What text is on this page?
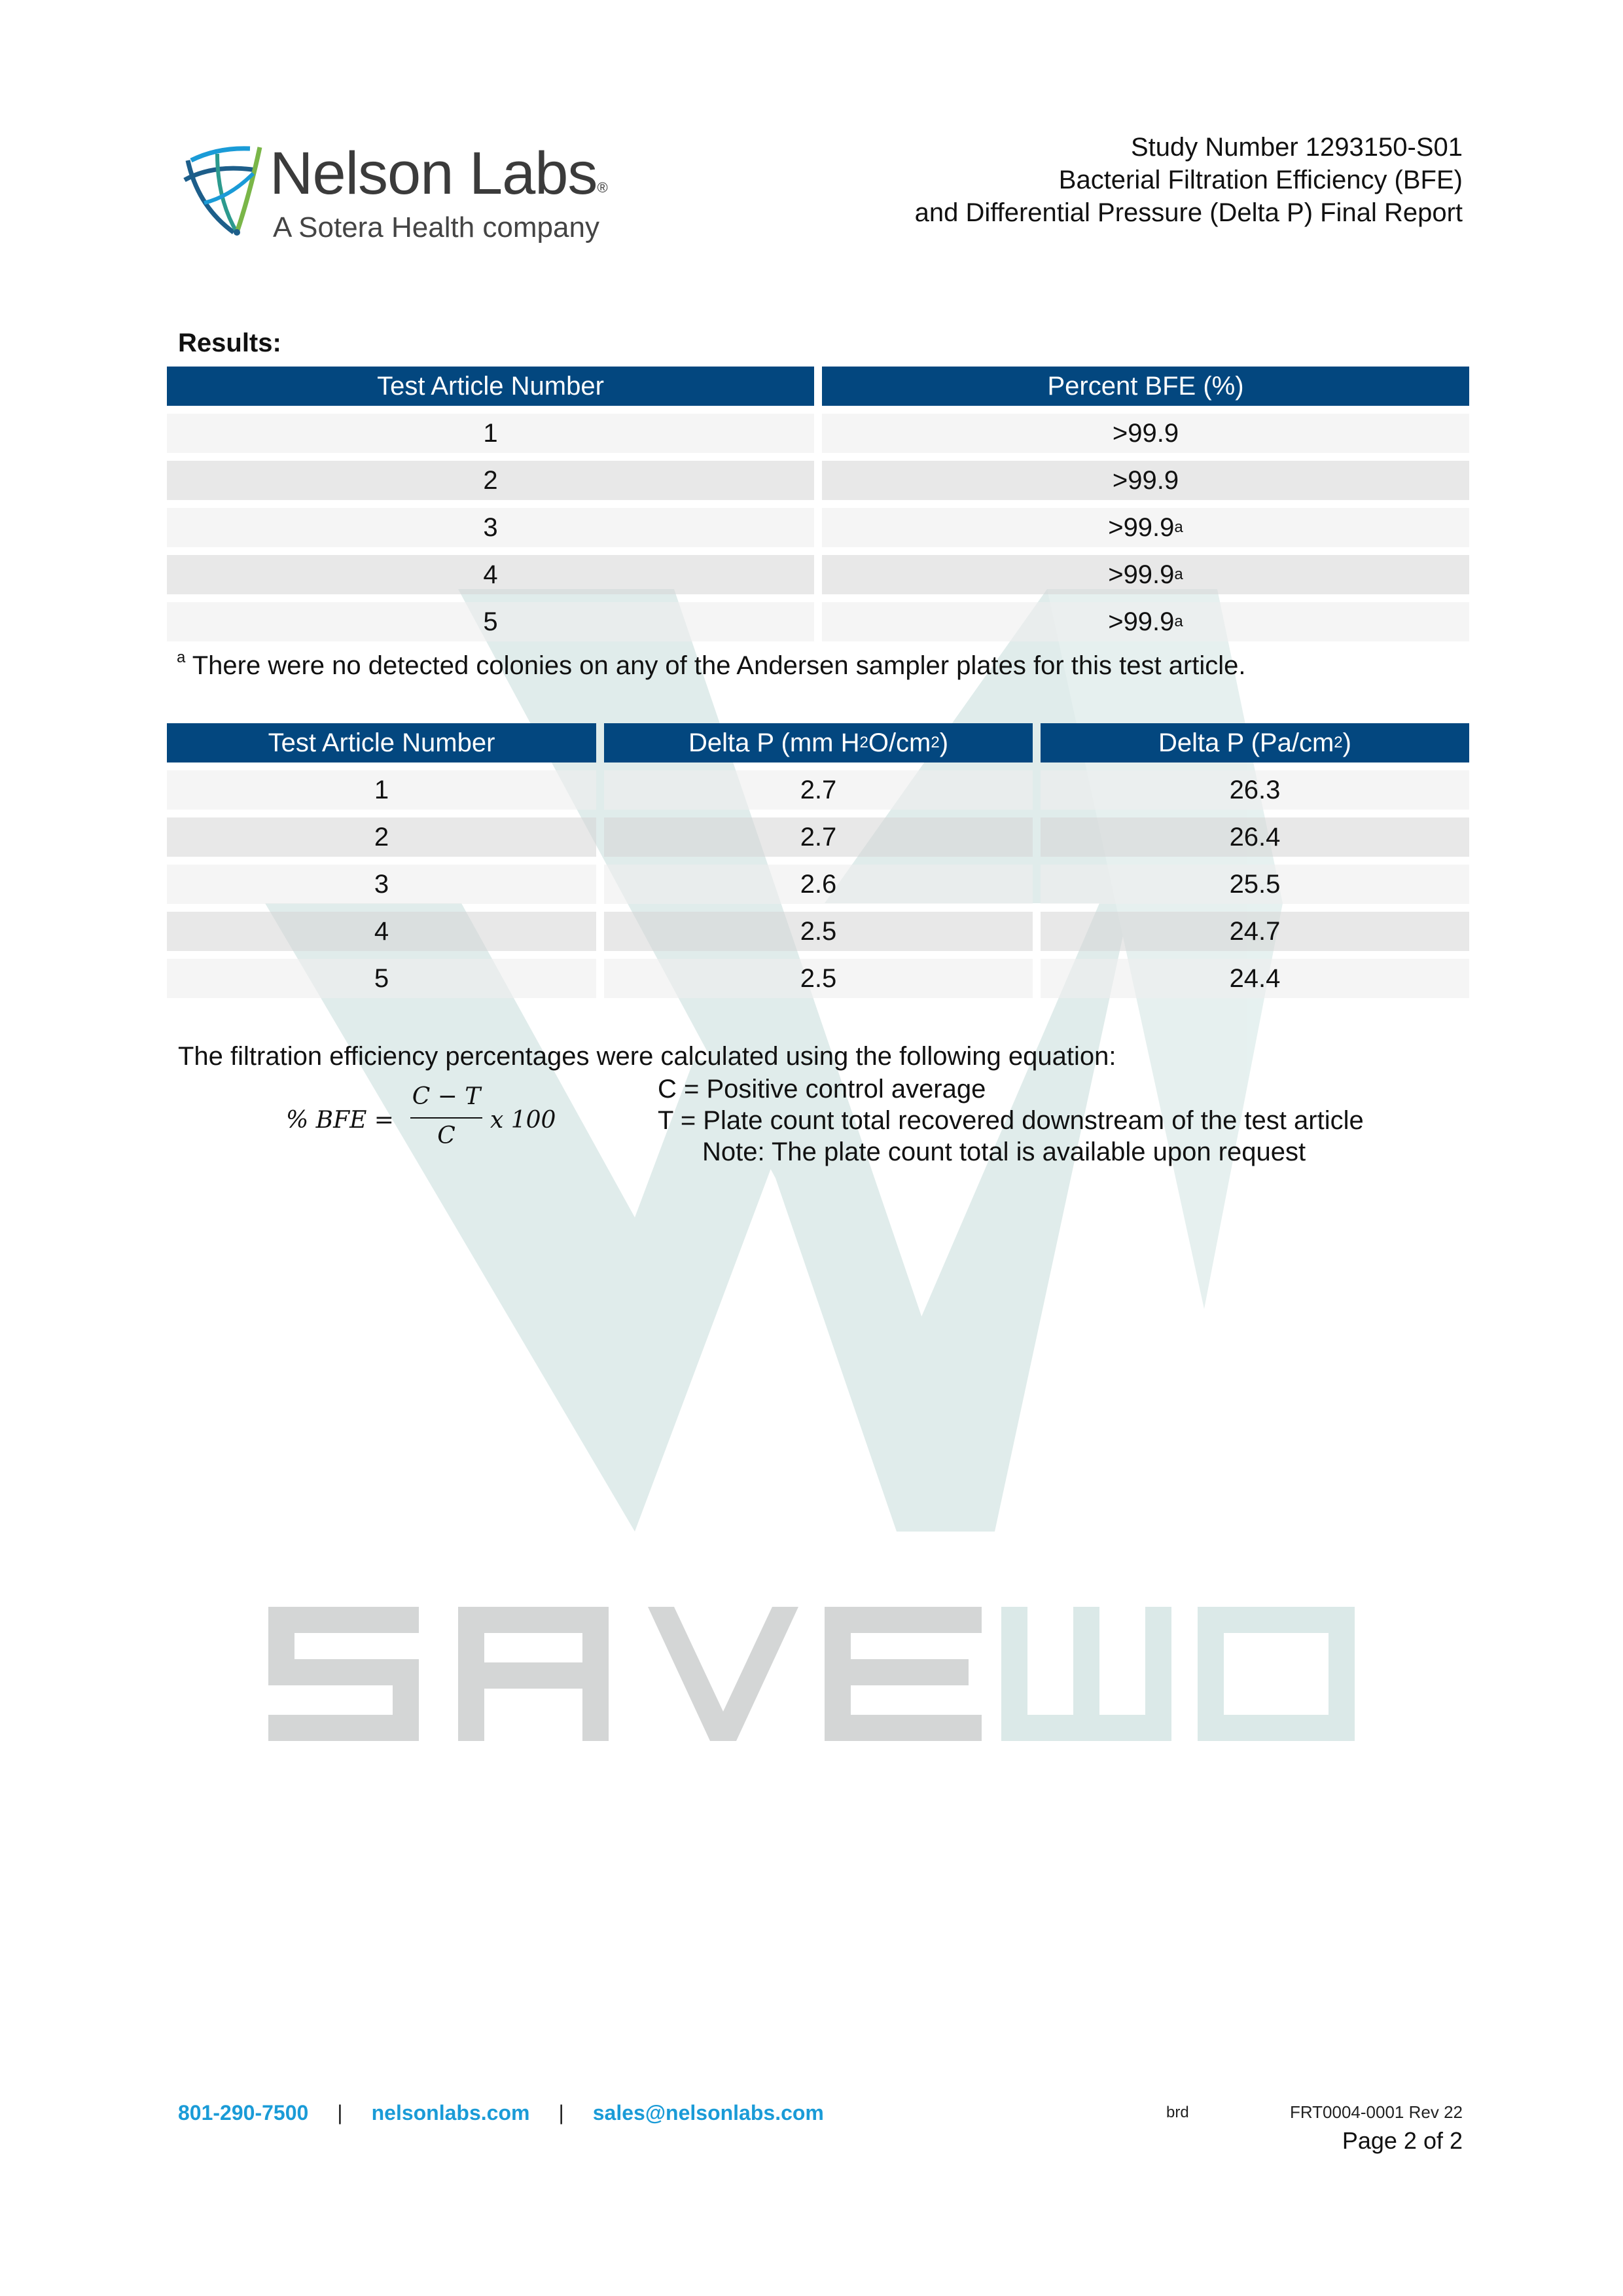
Nelson Labs®
A Sotera Health company
Study Number 1293150-S01
Bacterial Filtration Efficiency (BFE)
and Differential Pressure (Delta P) Final Report
Results:
Test Article Number	Percent BFE (%)
1	>99.9
2	>99.9
3	>99.9 a
4	>99.9 a
5	>99.9 a
$^a$ There were no detected colonies on any of the Andersen sampler plates for this test article.
Test Article Number	Delta P (mm H 2 O/cm 2 )	Delta P (Pa/cm 2 )
1	2.7	26.3
2	2.7	26.4
3	2.6	25.5
4	2.5	24.7
5	2.5	24.4
The filtration efficiency percentages were calculated using the following equation:
% BFE =
C − T
C
x 100
C = Positive control average
T = Plate count total recovered downstream of the test article
Note: The plate count total is available upon request
801-290-7500 | nelsonlabs.com | sales@nelsonlabs.com	brd	FRT0004-0001 Rev 22
Page 2 of 2
